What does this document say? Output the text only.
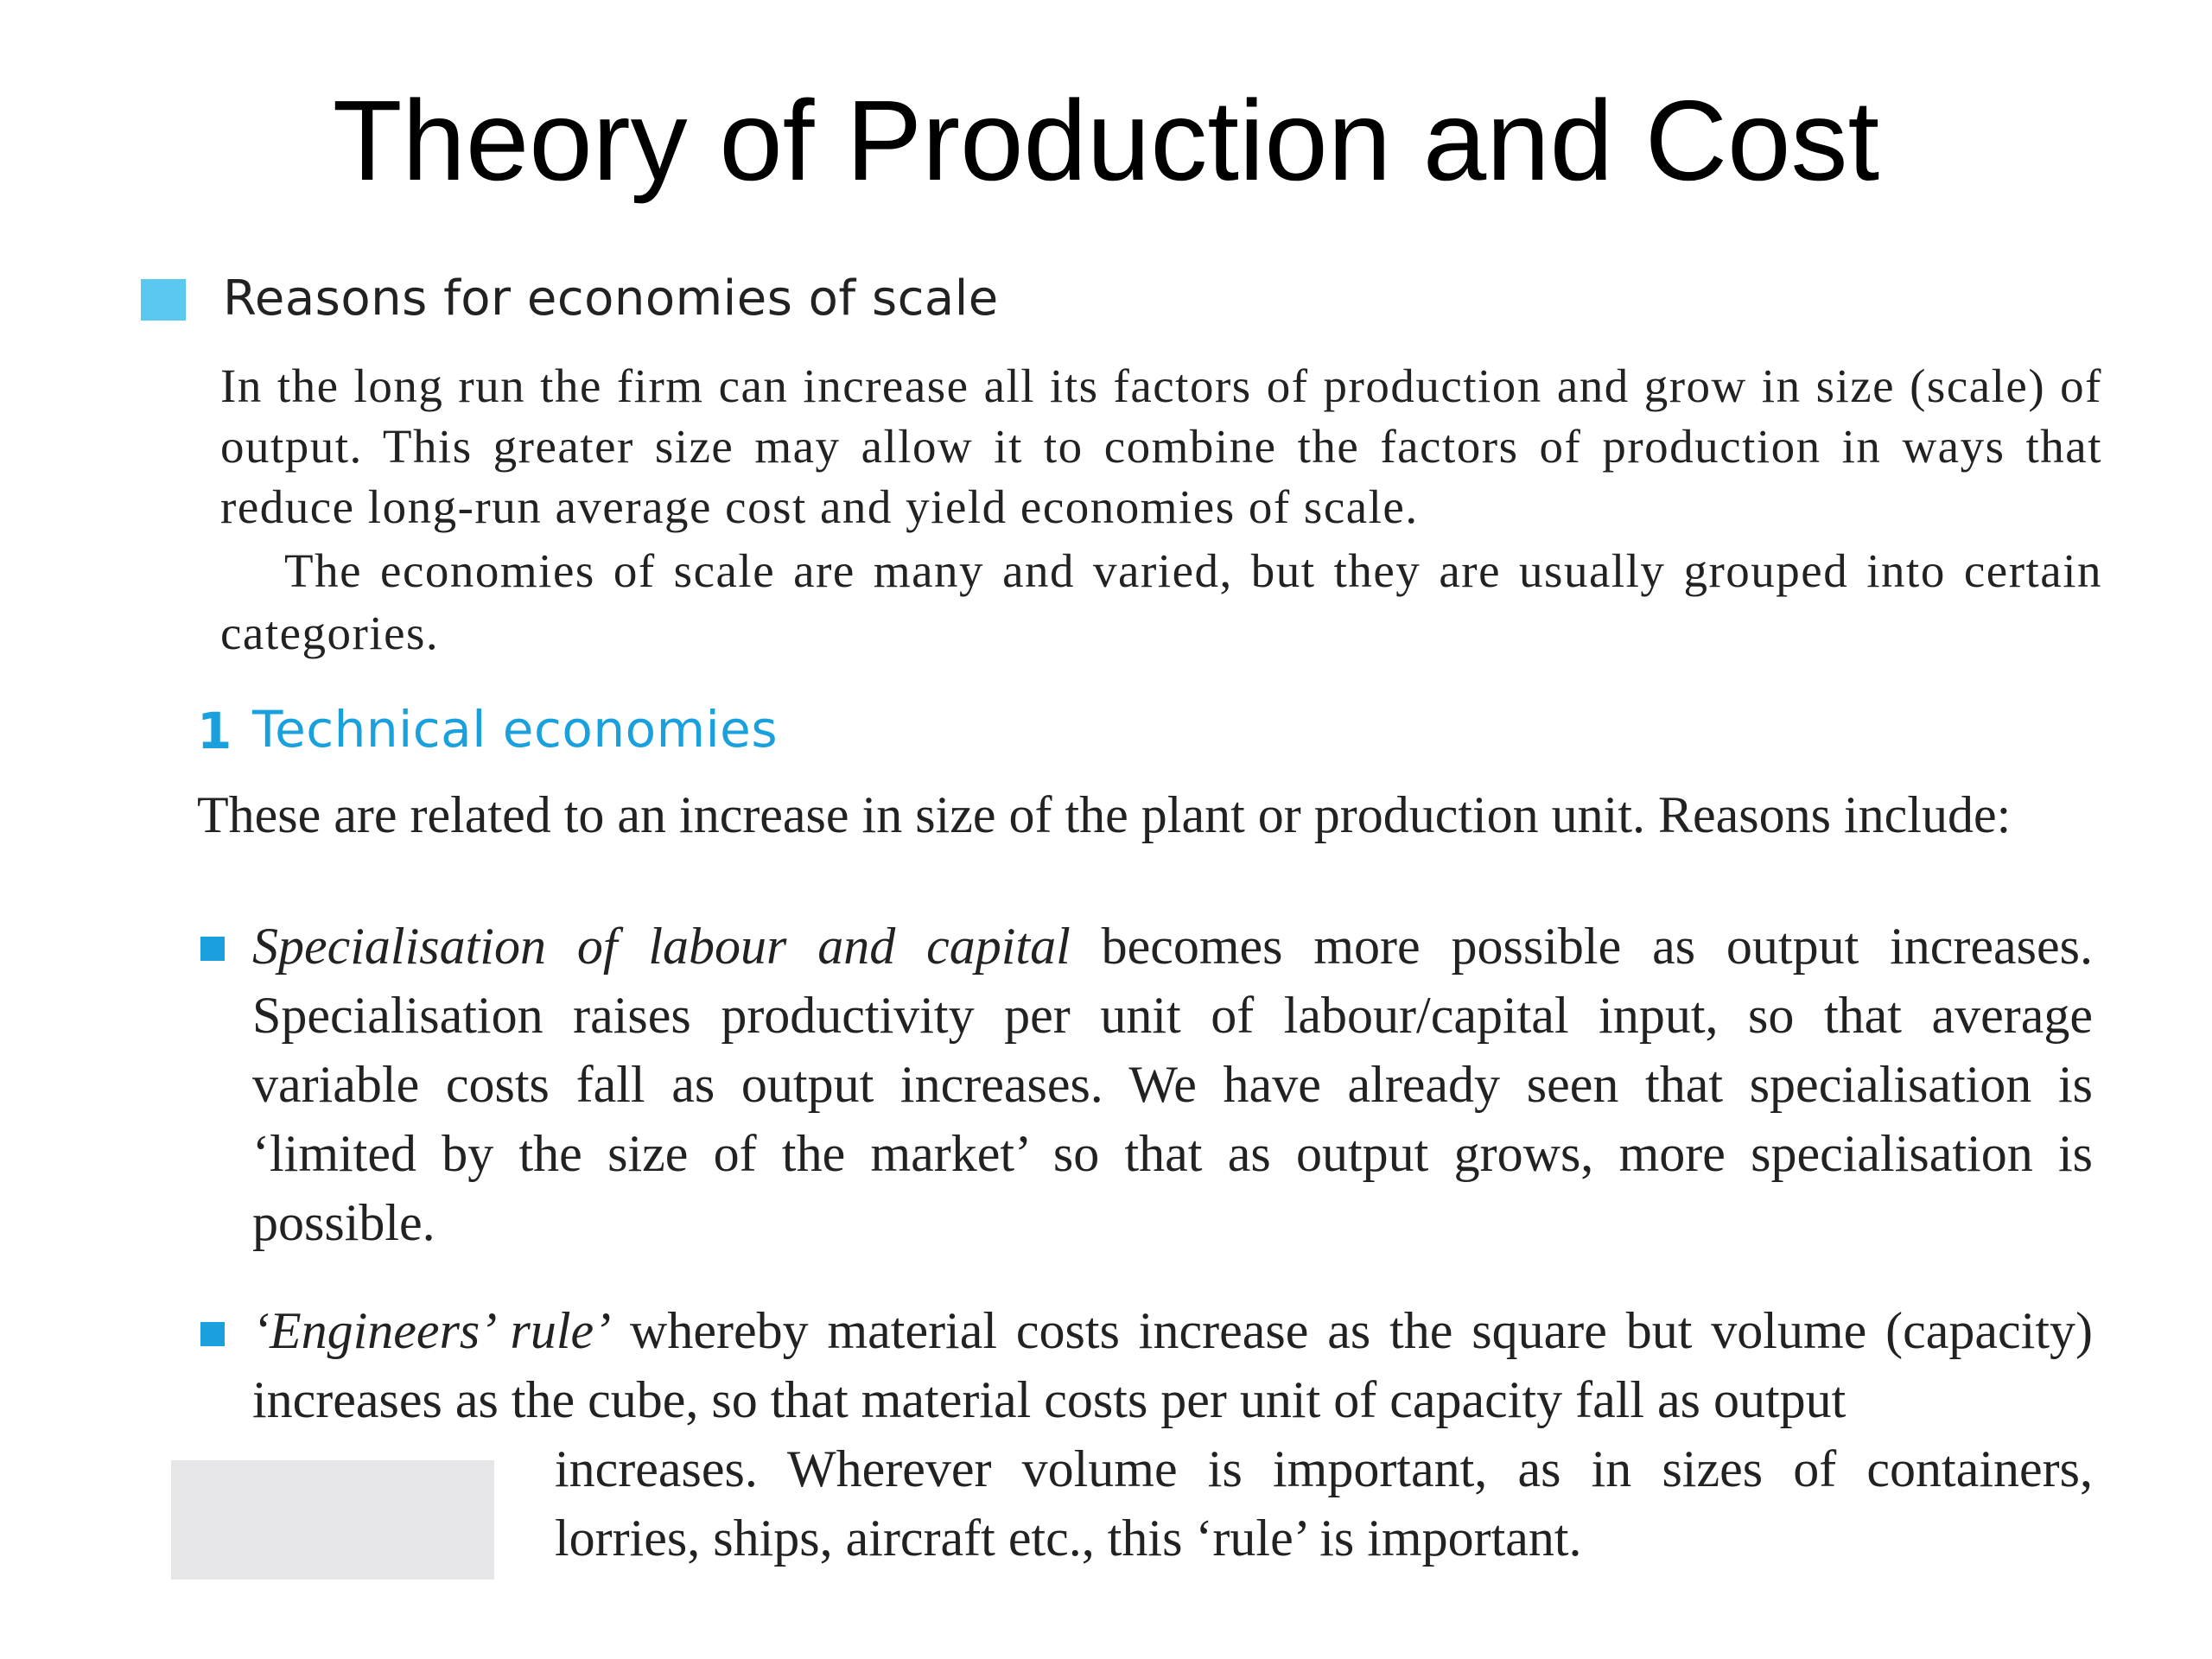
Theory of Production and Cost
Reasons for economies of scale

In the long run the firm can increase all its factors of production and grow in size (scale) of output. This greater size may allow it to combine the factors of production in ways that reduce long-run average cost and yield economies of scale.

The economies of scale are many and varied, but they are usually grouped into certain categories.

1 Technical economies

These are related to an increase in size of the plant or production unit. Reasons include:

Specialisation of labour and capital becomes more possible as output increases. Specialisation raises productivity per unit of labour/capital input, so that average variable costs fall as output increases. We have already seen that specialisation is ‘limited by the size of the market’ so that as output grows, more specialisation is possible.

‘Engineers’ rule’ whereby material costs increase as the square but volume (capacity) increases as the cube, so that material costs per unit of capacity fall as output
increases. Wherever volume is important, as in sizes of containers, lorries, ships, aircraft etc., this ‘rule’ is important.
